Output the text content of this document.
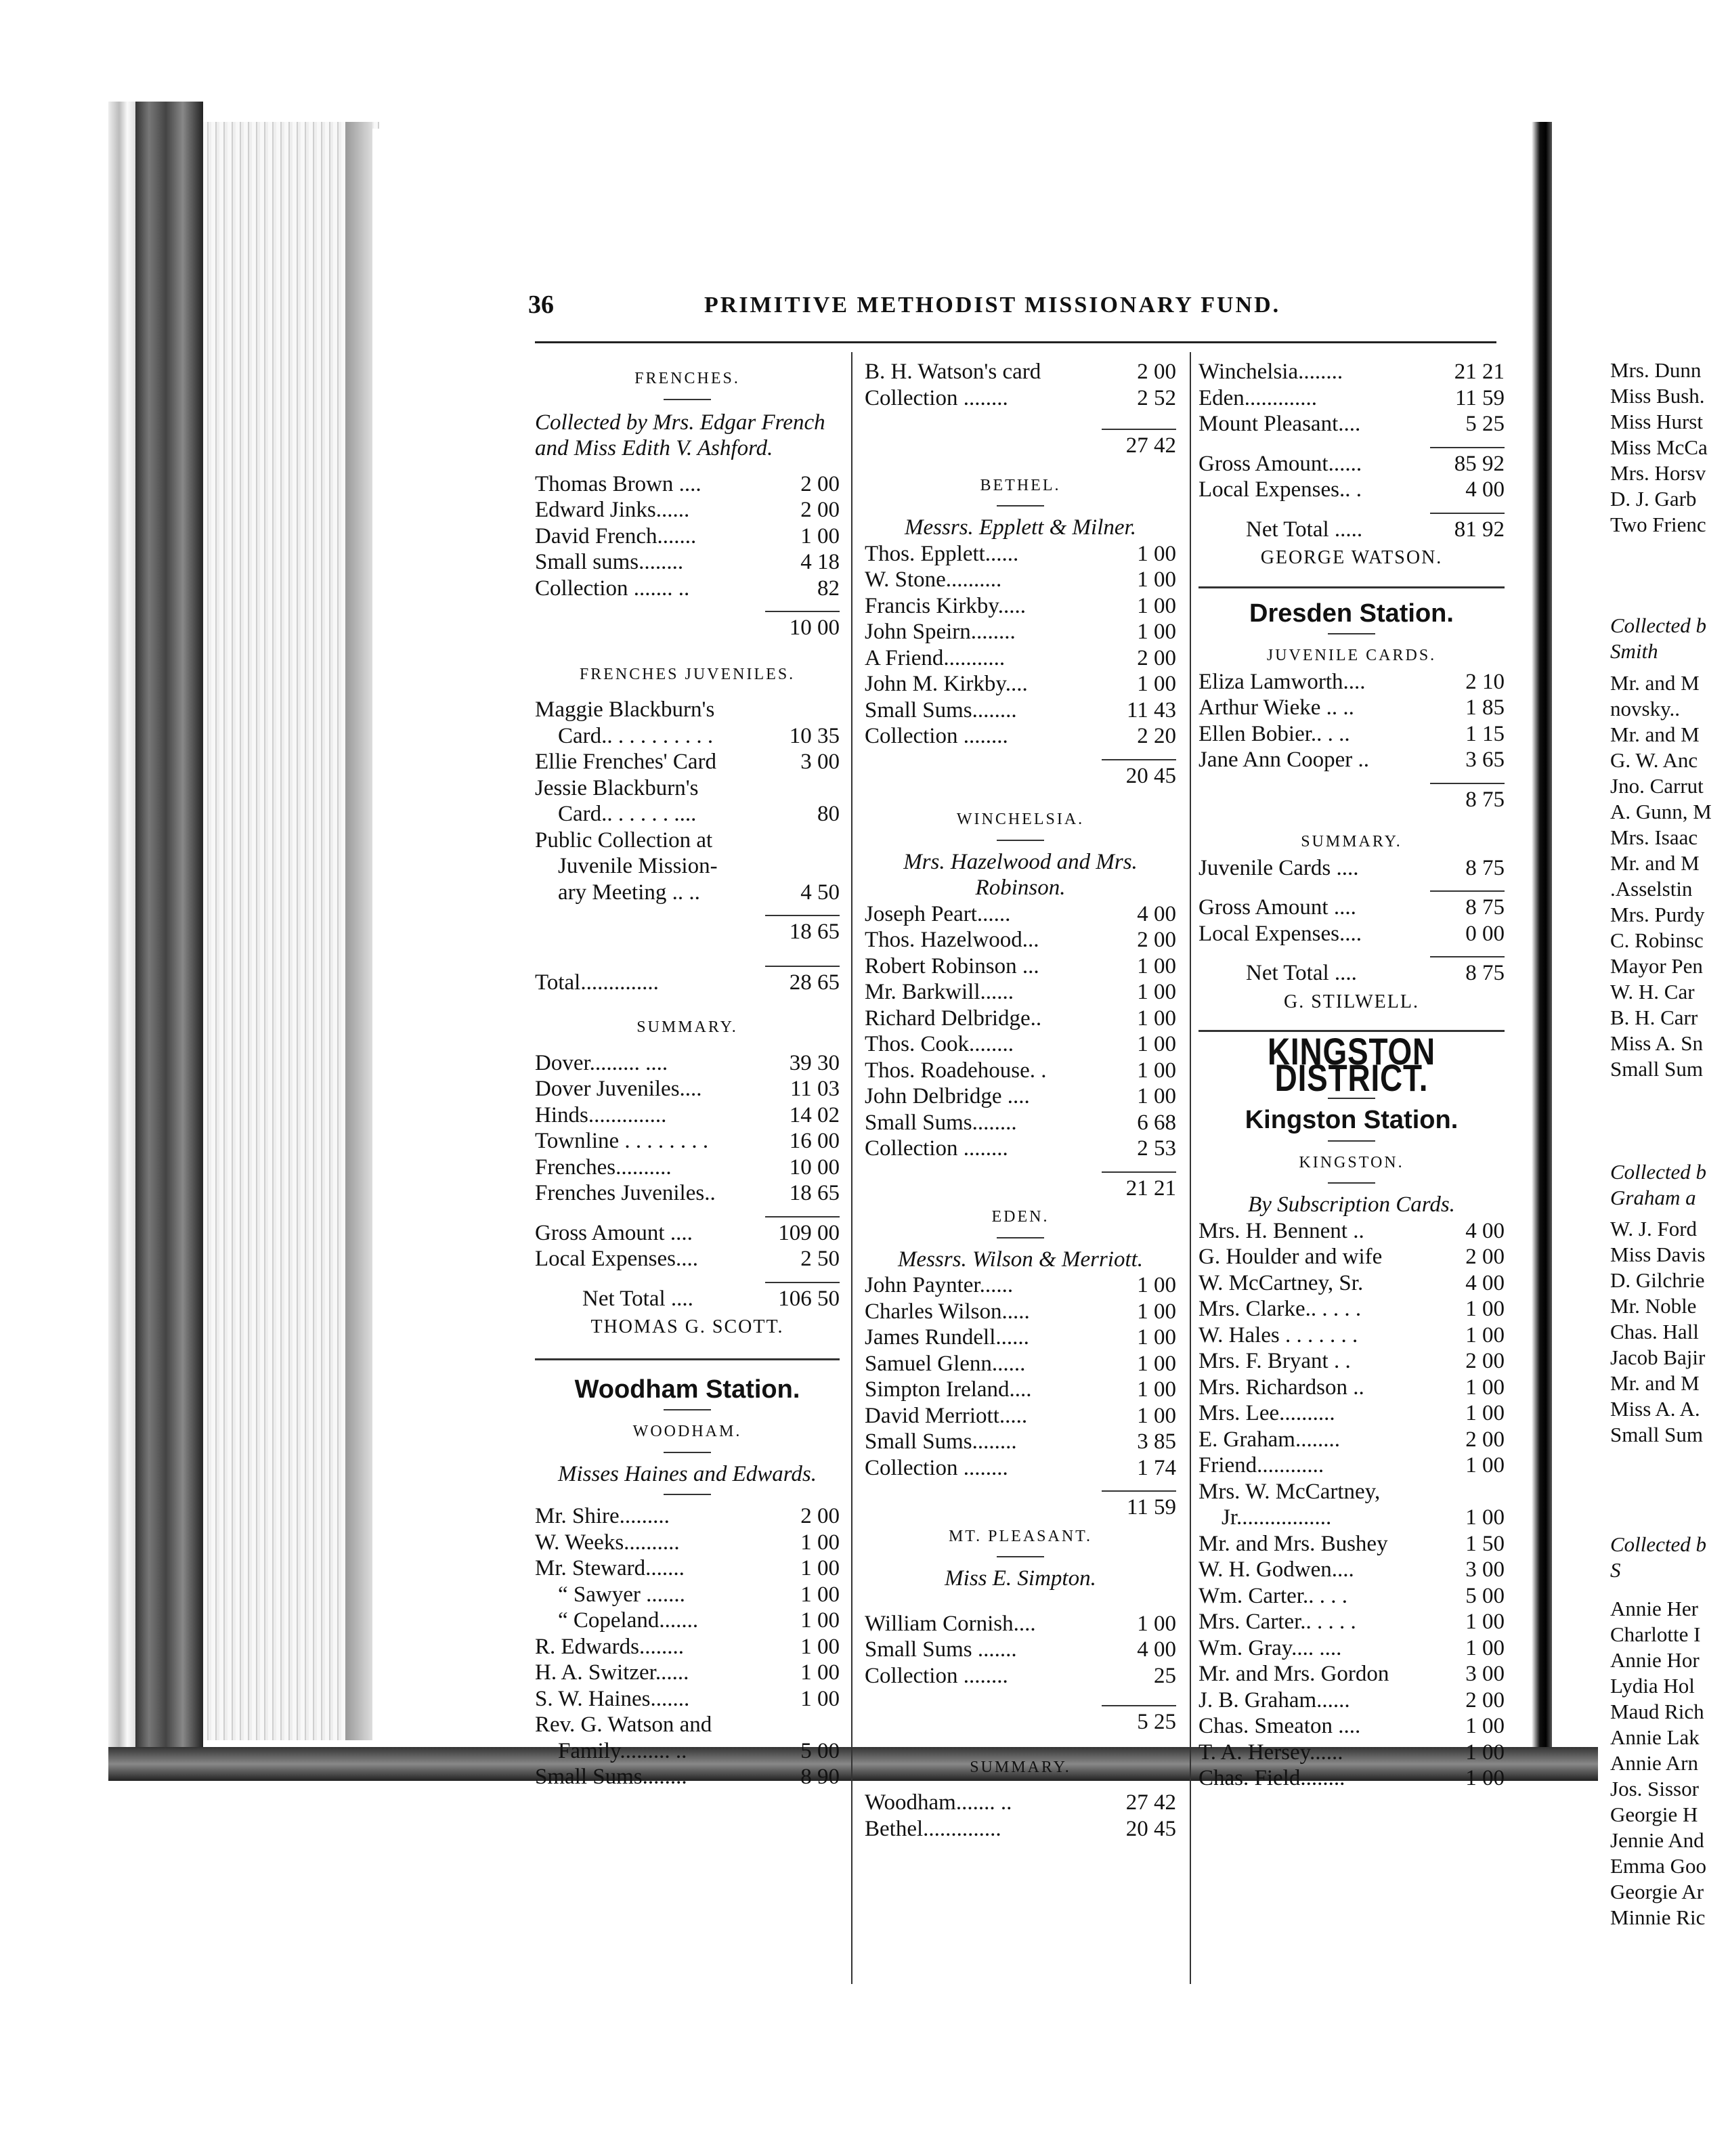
36	PRIMITIVE METHODIST MISSIONARY FUND.
FRENCHES.
Collected by Mrs. Edgar French and Miss Edith V. Ashford.
Thomas Brown ....	2 00
Edward Jinks......	2 00
David French.......	1 00
Small sums........	4 18
Collection ....... ..	82
10 00
FRENCHES JUVENILES.
Maggie Blackburn's
Card.. . . . . . . . . .	10 35
Ellie Frenches' Card	3 00
Jessie Blackburn's
Card.. . . . . . ....	80
Public Collection at
Juvenile Mission-
ary Meeting .. ..	4 50
18 65
Total..............	28 65
SUMMARY.
Dover......... ....	39 30
Dover Juveniles....	11 03
Hinds..............	14 02
Townline . . . . . . . .	16 00
Frenches..........	10 00
Frenches Juveniles..	18 65
Gross Amount ....	109 00
Local Expenses....	2 50
Net Total ....	106 50
THOMAS G. SCOTT.
Woodham Station.
WOODHAM.
Misses Haines and Edwards.
Mr. Shire.........	2 00
W. Weeks..........	1 00
Mr. Steward.......	1 00
“ Sawyer .......	1 00
“ Copeland.......	1 00
R. Edwards........	1 00
H. A. Switzer......	1 00
S. W. Haines.......	1 00
Rev. G. Watson and
Family......... ..	5 00
Small Sums........	8 90
B. H. Watson's card	2 00
Collection ........	2 52
27 42
BETHEL.
Messrs. Epplett & Milner.
Thos. Epplett......	1 00
W. Stone..........	1 00
Francis Kirkby.....	1 00
John Speirn........	1 00
A Friend...........	2 00
John M. Kirkby....	1 00
Small Sums........	11 43
Collection ........	2 20
20 45
WINCHELSIA.
Mrs. Hazelwood and Mrs. Robinson.
Joseph Peart......	4 00
Thos. Hazelwood...	2 00
Robert Robinson ...	1 00
Mr. Barkwill......	1 00
Richard Delbridge..	1 00
Thos. Cook........	1 00
Thos. Roadehouse. .	1 00
John Delbridge ....	1 00
Small Sums........	6 68
Collection ........	2 53
21 21
EDEN.
Messrs. Wilson & Merriott.
John Paynter......	1 00
Charles Wilson.....	1 00
James Rundell......	1 00
Samuel Glenn......	1 00
Simpton Ireland....	1 00
David Merriott.....	1 00
Small Sums........	3 85
Collection ........	1 74
11 59
MT. PLEASANT.
Miss E. Simpton.
William Cornish....	1 00
Small Sums .......	4 00
Collection ........	25
5 25
SUMMARY.
Woodham....... ..	27 42
Bethel..............	20 45
Winchelsia........	21 21
Eden.............	11 59
Mount Pleasant....	5 25
Gross Amount......	85 92
Local Expenses.. .	4 00
Net Total .....	81 92
GEORGE WATSON.
Dresden Station.
JUVENILE CARDS.
Eliza Lamworth....	2 10
Arthur Wieke .. ..	1 85
Ellen Bobier.. . ..	1 15
Jane Ann Cooper ..	3 65
8 75
SUMMARY.
Juvenile Cards ....	8 75
Gross Amount ....	8 75
Local Expenses....	0 00
Net Total ....	8 75
G. STILWELL.
KINGSTON DISTRICT.
Kingston Station.
KINGSTON.
By Subscription Cards.
Mrs. H. Bennent ..	4 00
G. Houlder and wife	2 00
W. McCartney, Sr.	4 00
Mrs. Clarke.. . . . .	1 00
W. Hales . . . . . . .	1 00
Mrs. F. Bryant . .	2 00
Mrs. Richardson ..	1 00
Mrs. Lee..........	1 00
E. Graham........	2 00
Friend............	1 00
Mrs. W. McCartney,
Jr.................	1 00
Mr. and Mrs. Bushey	1 50
W. H. Godwen....	3 00
Wm. Carter.. . . .	5 00
Mrs. Carter.. . . . .	1 00
Wm. Gray.... ....	1 00
Mr. and Mrs. Gordon	3 00
J. B. Graham......	2 00
Chas. Smeaton ....	1 00
T. A. Hersey......	1 00
Chas. Field........	1 00
Mrs. Dunn
Miss Bush.
Miss Hurst
Miss McCa
Mrs. Horsv
D. J. Garb
Two Frienc
Collected b
Smith
Mr. and M
novsky..
Mr. and M
G. W. Anc
Jno. Carrut
A. Gunn, M
Mrs. Isaac
Mr. and M
.Asselstin
Mrs. Purdy
C. Robinsc
Mayor Pen
W. H. Car
B. H. Carr
Miss A. Sn
Small Sum
Collected b
Graham a
W. J. Ford
Miss Davis
D. Gilchrie
Mr. Noble
Chas. Hall
Jacob Bajir
Mr. and M
Miss A. A.
Small Sum
Collected b
S
Annie Her
Charlotte I
Annie Hor
Lydia Hol
Maud Rich
Annie Lak
Annie Arn
Jos. Sissor
Georgie H
Jennie And
Emma Goo
Georgie Ar
Minnie Ric
